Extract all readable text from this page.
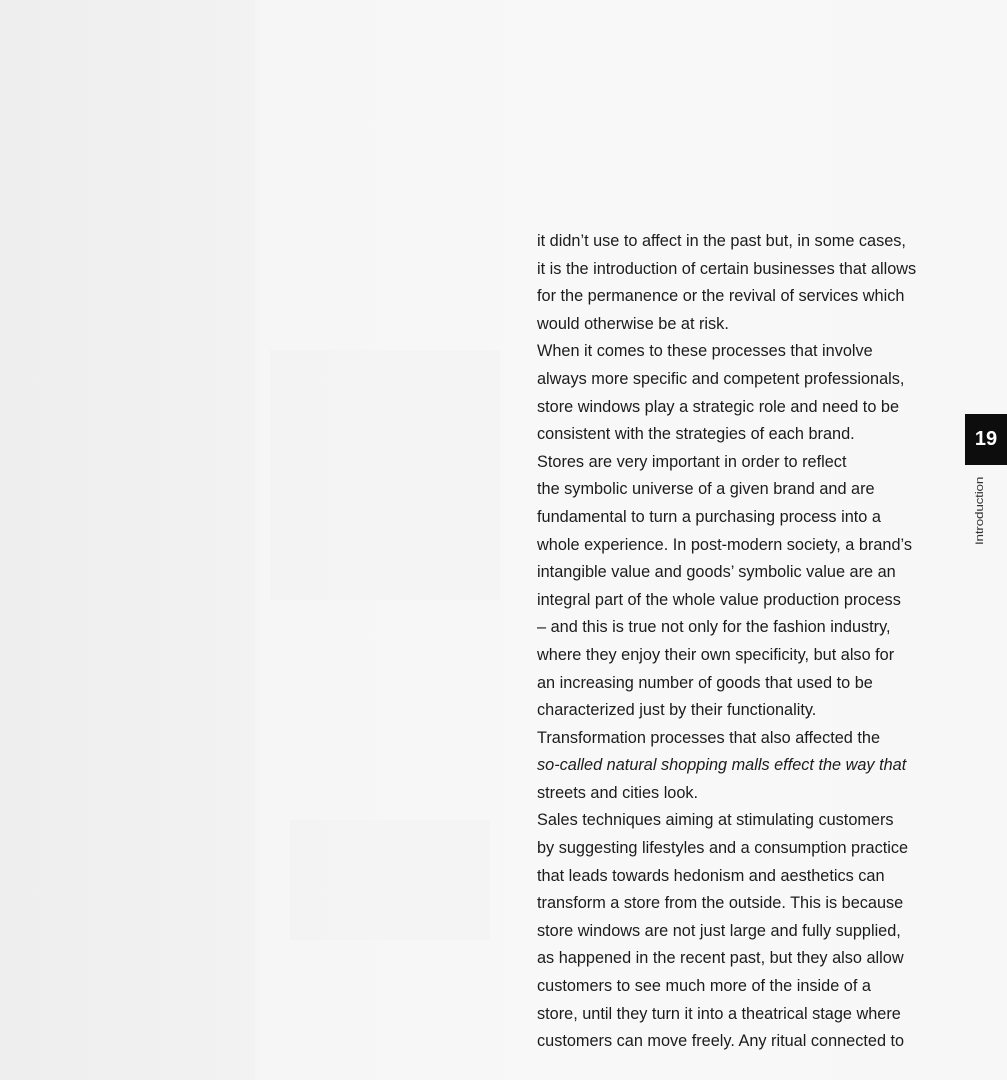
it didn’t use to affect in the past but, in some cases,
it is the introduction of certain businesses that allows
for the permanence or the revival of services which
would otherwise be at risk.
When it comes to these processes that involve
always more specific and competent professionals,
store windows play a strategic role and need to be
consistent with the strategies of each brand.
Stores are very important in order to reflect
the symbolic universe of a given brand and are
fundamental to turn a purchasing process into a
whole experience. In post-modern society, a brand’s
intangible value and goods’ symbolic value are an
integral part of the whole value production process
– and this is true not only for the fashion industry,
where they enjoy their own specificity, but also for
an increasing number of goods that used to be
characterized just by their functionality.
Transformation processes that also affected the
so-called natural shopping malls effect the way that
streets and cities look.
Sales techniques aiming at stimulating customers
by suggesting lifestyles and a consumption practice
that leads towards hedonism and aesthetics can
transform a store from the outside. This is because
store windows are not just large and fully supplied,
as happened in the recent past, but they also allow
customers to see much more of the inside of a
store, until they turn it into a theatrical stage where
customers can move freely. Any ritual connected to

19
Introduction
